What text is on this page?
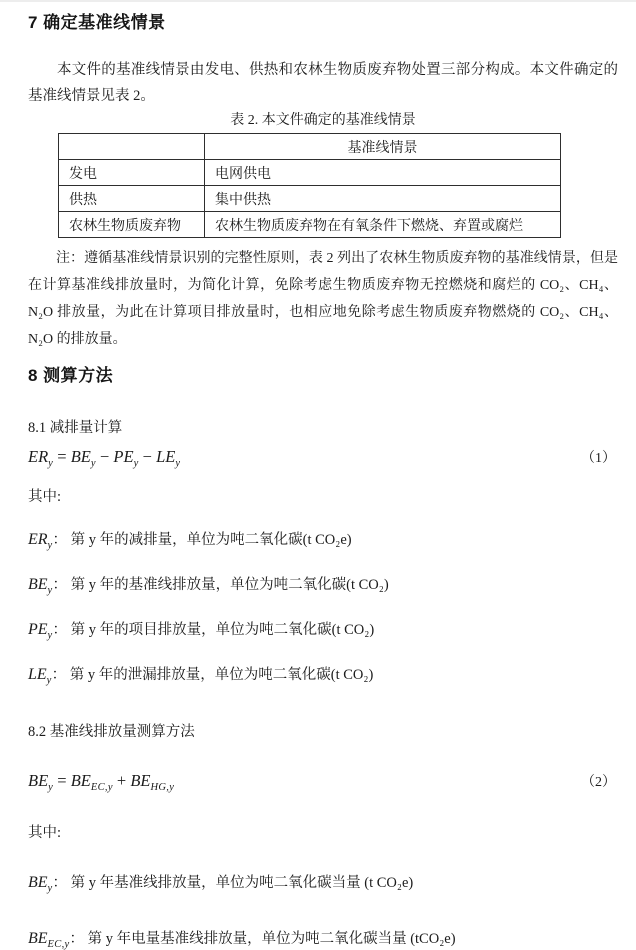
7 确定基准线情景

本文件的基准线情景由发电、供热和农林生物质废弃物处置三部分构成。本文件确定的基准线情景见表 2。

表 2. 本文件确定的基准线情景
	基准线情景
发电	电网供电
供热	集中供热
农林生物质废弃物	农林生物质废弃物在有氧条件下燃烧、弃置或腐烂

注：遵循基准线情景识别的完整性原则，表 2 列出了农林生物质废弃物的基准线情景，但是在计算基准线排放量时，为简化计算，免除考虑生物质废弃物无控燃烧和腐烂的 CO₂、CH₄、N₂O 排放量，为此在计算项目排放量时，也相应地免除考虑生物质废弃物燃烧的 CO₂、CH₄、N₂O 的排放量。

8 测算方法
8.1 减排量计算
$ER_y = BE_y - PE_y - LE_y$	（1）
其中:
$ER_y$： 第 y 年的减排量，单位为吨二氧化碳(t CO₂e)
$BE_y$： 第 y 年的基准线排放量，单位为吨二氧化碳(t CO₂)
$PE_y$： 第 y 年的项目排放量，单位为吨二氧化碳(t CO₂)
$LE_y$： 第 y 年的泄漏排放量，单位为吨二氧化碳(t CO₂)
8.2 基准线排放量测算方法
$BE_y = BE_{EC,y} + BE_{HG,y}$	（2）
其中:
$BE_y$： 第 y 年基准线排放量，单位为吨二氧化碳当量 (t CO₂e)
$BE_{EC,y}$： 第 y 年电量基准线排放量，单位为吨二氧化碳当量 (tCO₂e)
